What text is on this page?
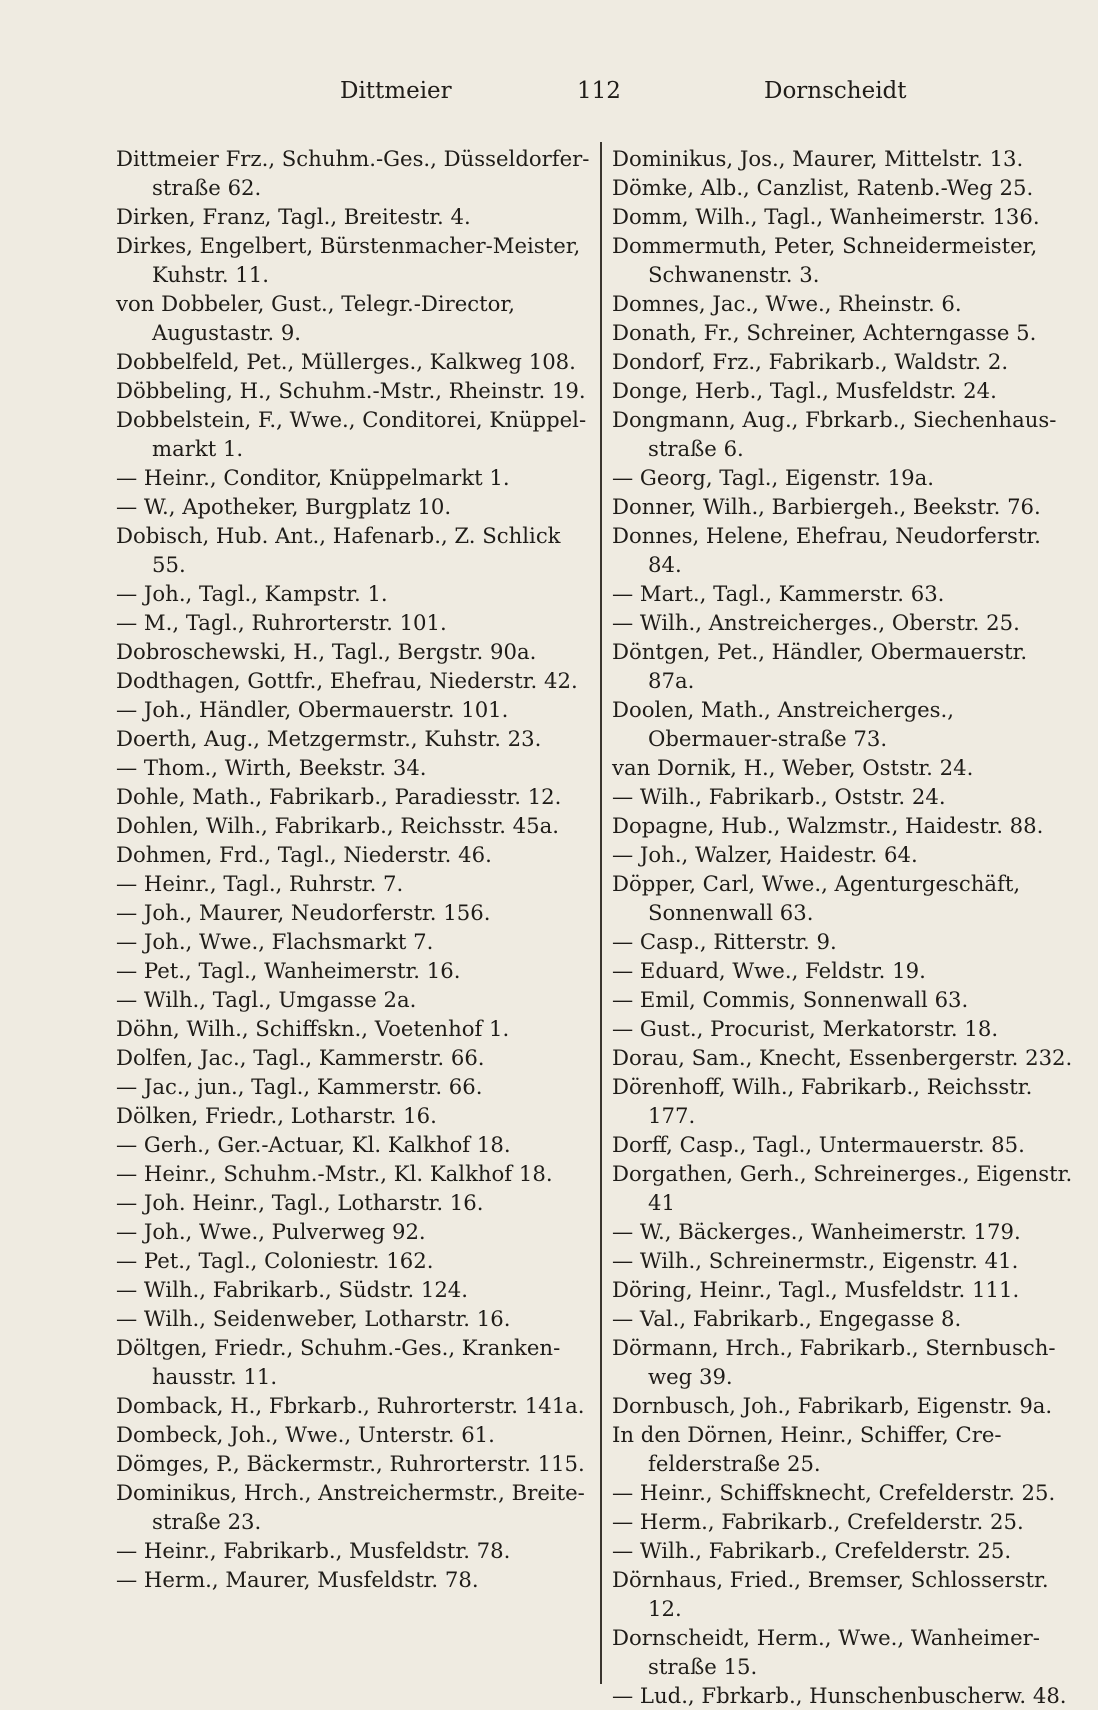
Dittmeier	112	Dornscheidt
Dittmeier Frz., Schuhm.-Ges., Düsseldorfer-straße 62.
Dirken, Franz, Tagl., Breitestr. 4.
Dirkes, Engelbert, Bürstenmacher-Meister, Kuhstr. 11.
von Dobbeler, Gust., Telegr.-Director, Augustastr. 9.
Dobbelfeld, Pet., Müllerges., Kalkweg 108.
Döbbeling, H., Schuhm.-Mstr., Rheinstr. 19.
Dobbelstein, F., Wwe., Conditorei, Knüppel-markt 1.
— Heinr., Conditor, Knüppelmarkt 1.
— W., Apotheker, Burgplatz 10.
Dobisch, Hub. Ant., Hafenarb., Z. Schlick 55.
— Joh., Tagl., Kampstr. 1.
— M., Tagl., Ruhrorterstr. 101.
Dobroschewski, H., Tagl., Bergstr. 90a.
Dodthagen, Gottfr., Ehefrau, Niederstr. 42.
— Joh., Händler, Obermauerstr. 101.
Doerth, Aug., Metzgermstr., Kuhstr. 23.
— Thom., Wirth, Beekstr. 34.
Dohle, Math., Fabrikarb., Paradiesstr. 12.
Dohlen, Wilh., Fabrikarb., Reichsstr. 45a.
Dohmen, Frd., Tagl., Niederstr. 46.
— Heinr., Tagl., Ruhrstr. 7.
— Joh., Maurer, Neudorferstr. 156.
— Joh., Wwe., Flachsmarkt 7.
— Pet., Tagl., Wanheimerstr. 16.
— Wilh., Tagl., Umgasse 2a.
Döhn, Wilh., Schiffskn., Voetenhof 1.
Dolfen, Jac., Tagl., Kammerstr. 66.
— Jac., jun., Tagl., Kammerstr. 66.
Dölken, Friedr., Lotharstr. 16.
— Gerh., Ger.-Actuar, Kl. Kalkhof 18.
— Heinr., Schuhm.-Mstr., Kl. Kalkhof 18.
— Joh. Heinr., Tagl., Lotharstr. 16.
— Joh., Wwe., Pulverweg 92.
— Pet., Tagl., Coloniestr. 162.
— Wilh., Fabrikarb., Südstr. 124.
— Wilh., Seidenweber, Lotharstr. 16.
Döltgen, Friedr., Schuhm.-Ges., Kranken-hausstr. 11.
Domback, H., Fbrkarb., Ruhrorterstr. 141a.
Dombeck, Joh., Wwe., Unterstr. 61.
Dömges, P., Bäckermstr., Ruhrorterstr. 115.
Dominikus, Hrch., Anstreichermstr., Breite-straße 23.
— Heinr., Fabrikarb., Musfeldstr. 78.
— Herm., Maurer, Musfeldstr. 78.
Dominikus, Jos., Maurer, Mittelstr. 13.
Dömke, Alb., Canzlist, Ratenb.-Weg 25.
Domm, Wilh., Tagl., Wanheimerstr. 136.
Dommermuth, Peter, Schneidermeister, Schwanenstr. 3.
Domnes, Jac., Wwe., Rheinstr. 6.
Donath, Fr., Schreiner, Achterngasse 5.
Dondorf, Frz., Fabrikarb., Waldstr. 2.
Donge, Herb., Tagl., Musfeldstr. 24.
Dongmann, Aug., Fbrkarb., Siechenhaus-straße 6.
— Georg, Tagl., Eigenstr. 19a.
Donner, Wilh., Barbiergeh., Beekstr. 76.
Donnes, Helene, Ehefrau, Neudorferstr. 84.
— Mart., Tagl., Kammerstr. 63.
— Wilh., Anstreicherges., Oberstr. 25.
Döntgen, Pet., Händler, Obermauerstr. 87a.
Doolen, Math., Anstreicherges., Obermauer-straße 73.
van Dornik, H., Weber, Oststr. 24.
— Wilh., Fabrikarb., Oststr. 24.
Dopagne, Hub., Walzmstr., Haidestr. 88.
— Joh., Walzer, Haidestr. 64.
Döpper, Carl, Wwe., Agenturgeschäft, Sonnenwall 63.
— Casp., Ritterstr. 9.
— Eduard, Wwe., Feldstr. 19.
— Emil, Commis, Sonnenwall 63.
— Gust., Procurist, Merkatorstr. 18.
Dorau, Sam., Knecht, Essenbergerstr. 232.
Dörenhoff, Wilh., Fabrikarb., Reichsstr. 177.
Dorff, Casp., Tagl., Untermauerstr. 85.
Dorgathen, Gerh., Schreinerges., Eigenstr. 41
— W., Bäckerges., Wanheimerstr. 179.
— Wilh., Schreinermstr., Eigenstr. 41.
Döring, Heinr., Tagl., Musfeldstr. 111.
— Val., Fabrikarb., Engegasse 8.
Dörmann, Hrch., Fabrikarb., Sternbusch-weg 39.
Dornbusch, Joh., Fabrikarb, Eigenstr. 9a.
In den Dörnen, Heinr., Schiffer, Cre-felderstraße 25.
— Heinr., Schiffsknecht, Crefelderstr. 25.
— Herm., Fabrikarb., Crefelderstr. 25.
— Wilh., Fabrikarb., Crefelderstr. 25.
Dörnhaus, Fried., Bremser, Schlosserstr. 12.
Dornscheidt, Herm., Wwe., Wanheimer-straße 15.
— Lud., Fbrkarb., Hunschenbuscherw. 48.
